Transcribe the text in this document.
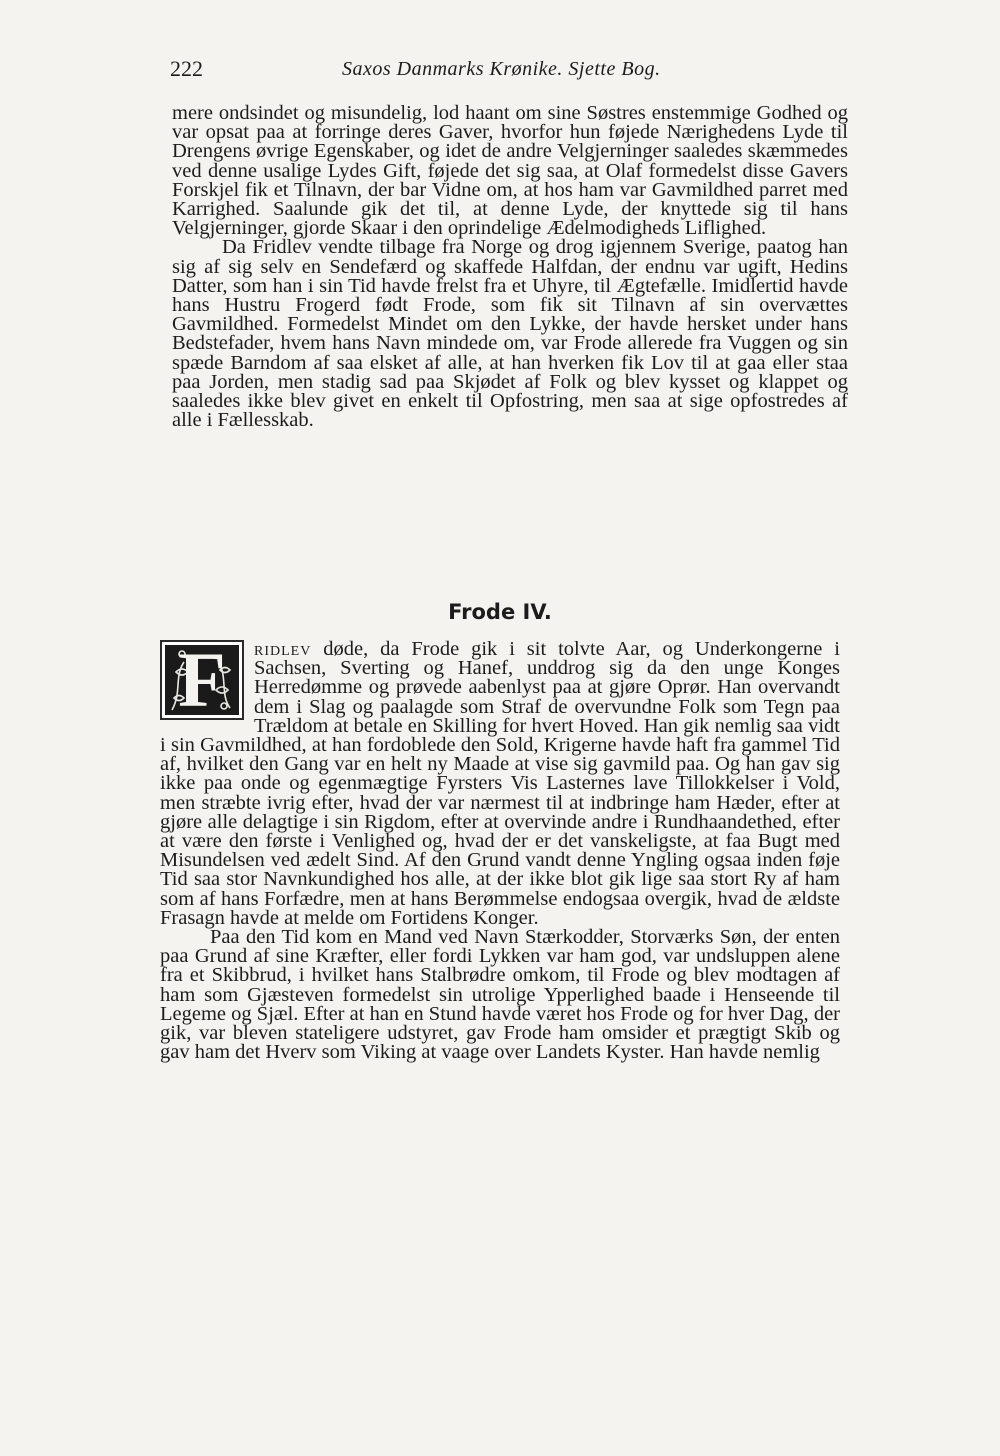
222	Saxos Danmarks Krønike. Sjette Bog.

mere ondsindet og misundelig, lod haant om sine Søstres enstemmige Godhed og var opsat paa at forringe deres Gaver, hvorfor hun føjede Nærighedens Lyde til Drengens øvrige Egenskaber, og idet de andre Velgjerninger saaledes skæmmedes ved denne usalige Lydes Gift, føjede det sig saa, at Olaf formedelst disse Gavers Forskjel fik et Tilnavn, der bar Vidne om, at hos ham var Gavmildhed parret med Karrighed. Saalunde gik det til, at denne Lyde, der knyttede sig til hans Velgjerninger, gjorde Skaar i den oprindelige Ædelmodigheds Liflighed.

Da Fridlev vendte tilbage fra Norge og drog igjennem Sverige, paatog han sig af sig selv en Sendefærd og skaffede Halfdan, der endnu var ugift, Hedins Datter, som han i sin Tid havde frelst fra et Uhyre, til Ægtefælle. Imidlertid havde hans Hustru Frogerd født Frode, som fik sit Tilnavn af sin overvættes Gavmildhed. Formedelst Mindet om den Lykke, der havde hersket under hans Bedstefader, hvem hans Navn mindede om, var Frode allerede fra Vuggen og sin spæde Barndom af saa elsket af alle, at han hverken fik Lov til at gaa eller staa paa Jorden, men stadig sad paa Skjødet af Folk og blev kysset og klappet og saaledes ikke blev givet en enkelt til Opfostring, men saa at sige opfostredes af alle i Fællesskab.

Frode IV.

F	ridlev døde, da Frode gik i sit tolvte Aar, og Underkongerne i Sachsen, Sverting og Hanef, unddrog sig da den unge Konges Herredømme og prøvede aabenlyst paa at gjøre Oprør. Han overvandt dem i Slag og paalagde som Straf de overvundne Folk som Tegn paa Trældom at betale en Skilling for hvert Hoved. Han gik nemlig saa vidt i sin Gavmildhed, at han fordoblede den Sold, Krigerne havde haft fra gammel Tid af, hvilket den Gang var en helt ny Maade at vise sig gavmild paa. Og han gav sig ikke paa onde og egenmægtige Fyrsters Vis Lasternes lave Tillokkelser i Vold, men stræbte ivrig efter, hvad der var nærmest til at indbringe ham Hæder, efter at gjøre alle delagtige i sin Rigdom, efter at overvinde andre i Rundhaandethed, efter at være den første i Venlighed og, hvad der er det vanskeligste, at faa Bugt med Misundelsen ved ædelt Sind. Af den Grund vandt denne Yngling ogsaa inden føje Tid saa stor Navnkundighed hos alle, at der ikke blot gik lige saa stort Ry af ham som af hans Forfædre, men at hans Berømmelse endogsaa overgik, hvad de ældste Frasagn havde at melde om Fortidens Konger.

Paa den Tid kom en Mand ved Navn Stærkodder, Storværks Søn, der enten paa Grund af sine Kræfter, eller fordi Lykken var ham god, var undsluppen alene fra et Skibbrud, i hvilket hans Stalbrødre omkom, til Frode og blev modtagen af ham som Gjæsteven formedelst sin utrolige Ypperlighed baade i Henseende til Legeme og Sjæl. Efter at han en Stund havde været hos Frode og for hver Dag, der gik, var bleven stateligere udstyret, gav Frode ham omsider et prægtigt Skib og gav ham det Hverv som Viking at vaage over Landets Kyster. Han havde nemlig
